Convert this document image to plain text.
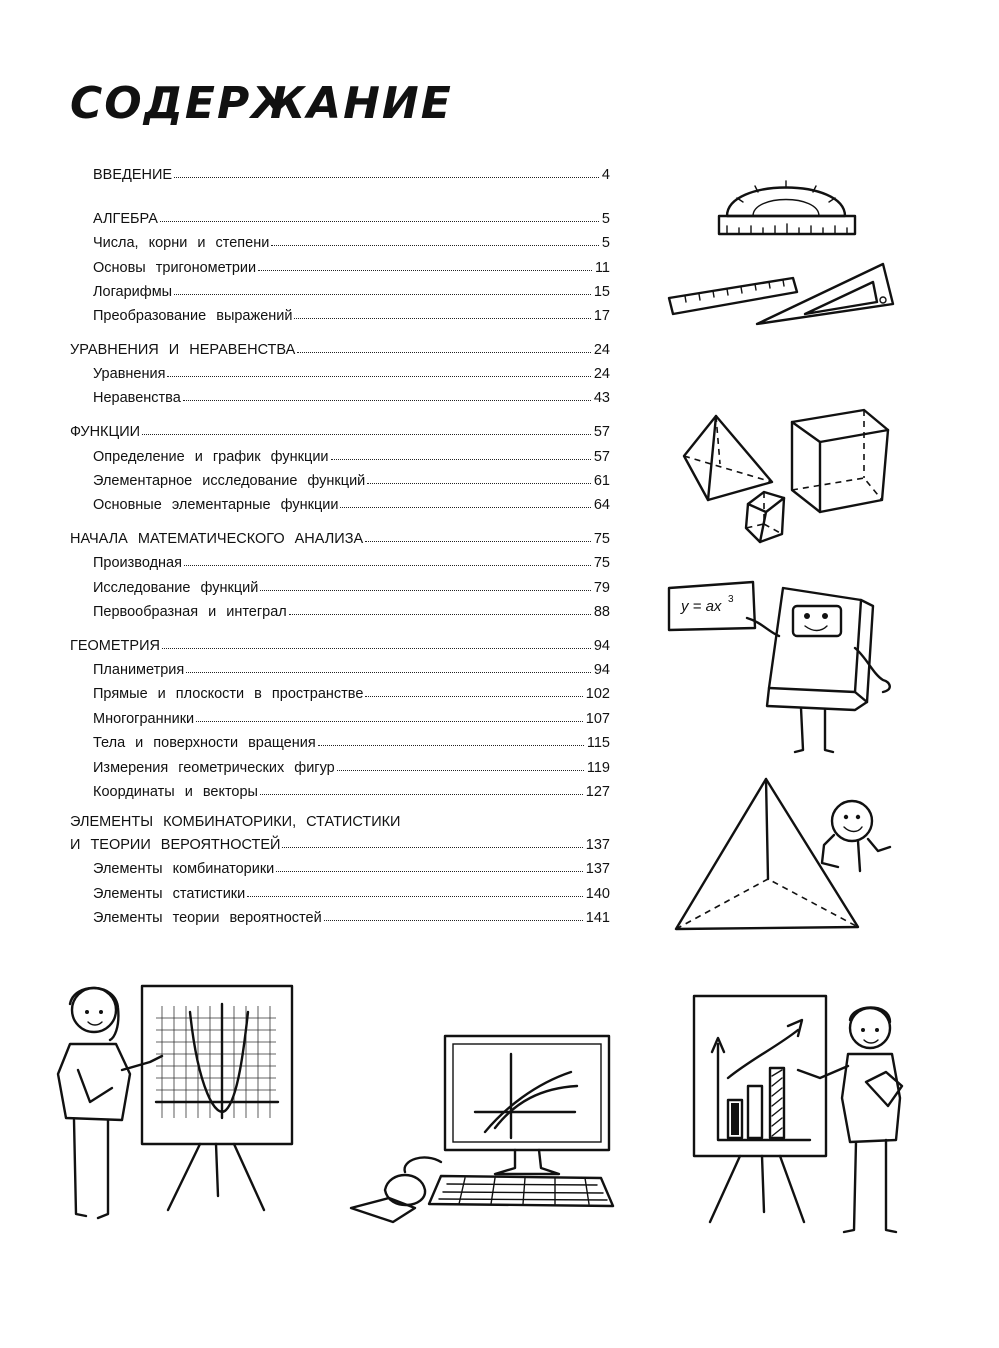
СОДЕРЖАНИЕ
ВВЕДЕНИЕ	4
АЛГЕБРА	5
Числа, корни и степени	5
Основы тригонометрии	11
Логарифмы	15
Преобразование выражений	17
УРАВНЕНИЯ И НЕРАВЕНСТВА	24
Уравнения	24
Неравенства	43
ФУНКЦИИ	57
Определение и график функции	57
Элементарное исследование функций	61
Основные элементарные функции	64
НАЧАЛА МАТЕМАТИЧЕСКОГО АНАЛИЗА	75
Производная	75
Исследование функций	79
Первообразная и интеграл	88
ГЕОМЕТРИЯ	94
Планиметрия	94
Прямые и плоскости в пространстве	102
Многогранники	107
Тела и поверхности вращения	115
Измерения геометрических фигур	119
Координаты и векторы	127
ЭЛЕМЕНТЫ КОМБИНАТОРИКИ, СТАТИСТИКИ
И ТЕОРИИ ВЕРОЯТНОСТЕЙ	137
Элементы комбинаторики	137
Элементы статистики	140
Элементы теории вероятностей	141
y = ax 3
